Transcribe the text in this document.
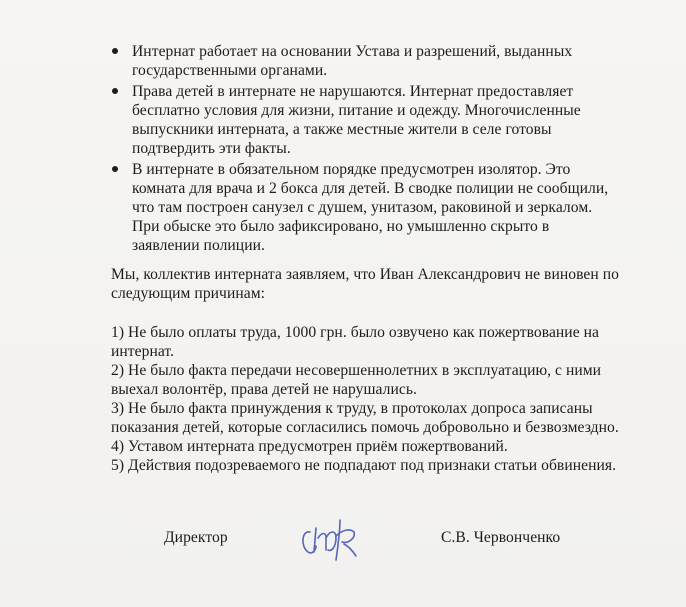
Интернат работает на основании Устава и разрешений, выданных
государственными органами.
Права детей в интернате не нарушаются. Интернат предоставляет
бесплатно условия для жизни, питание и одежду. Многочисленные
выпускники интерната, а также местные жители в селе готовы
подтвердить эти факты.
В интернате в обязательном порядке предусмотрен изолятор. Это
комната для врача и 2 бокса для детей. В сводке полиции не сообщили,
что там построен санузел с душем, унитазом, раковиной и зеркалом.
При обыске это было зафиксировано, но умышленно скрыто в
заявлении полиции.
Мы, коллектив интерната заявляем, что Иван Александрович не виновен по
следующим причинам:
1) Не было оплаты труда, 1000 грн. было озвучено как пожертвование на
интернат.
2) Не было факта передачи несовершеннолетних в эксплуатацию, с ними
выехал волонтёр, права детей не нарушались.
3) Не было факта принуждения к труду, в протоколах допроса записаны
показания детей, которые согласились помочь добровольно и безвозмездно.
4) Уставом интерната предусмотрен приём пожертвований.
5) Действия подозреваемого не подпадают под признаки статьи обвинения.
Директор	С.В. Червонченко
